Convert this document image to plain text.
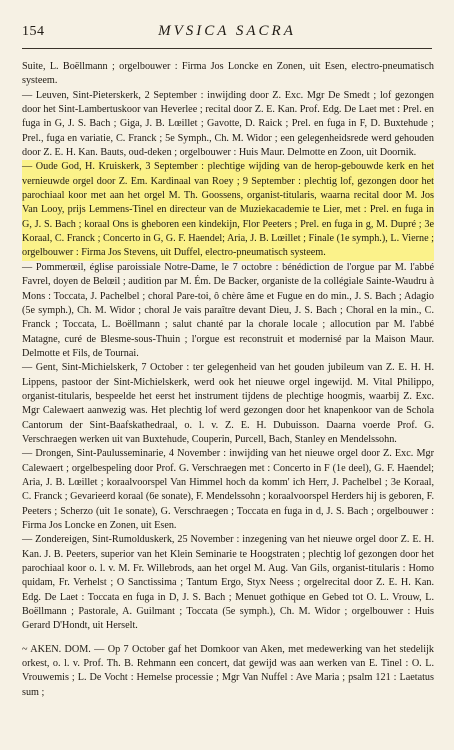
154	MVSICA SACRA

Suite, L. Boëllmann ; orgelbouwer : Firma Jos Loncke en Zonen, uit Esen, electro-pneumatisch systeem.

— Leuven, Sint-Pieterskerk, 2 September : inwijding door Z. Exc. Mgr De Smedt ; lof gezongen door het Sint-Lambertuskoor van Heverlee ; recital door Z. E. Kan. Prof. Edg. De Laet met : Prel. en fuga in G, J. S. Bach ; Giga, J. B. Lœillet ; Gavotte, D. Raick ; Prel. en fuga in F, D. Buxtehude ; Prel., fuga en variatie, C. Franck ; 5e Symph., Ch. M. Widor ; een gelegenheidsrede werd gehouden door Z. E. H. Kan. Bauts, oud-deken ; orgelbouwer : Huis Maur. Delmotte en Zoon, uit Doornik.

— Oude God, H. Kruiskerk, 3 September : plechtige wijding van de herop-gebouwde kerk en het vernieuwde orgel door Z. Em. Kardinaal van Roey ; 9 September : plechtig lof, gezongen door het parochiaal koor met aan het orgel M. Th. Goossens, organist-titularis, waarna recital door M. Jos Van Looy, prijs Lemmens-Tinel en directeur van de Muziekacademie te Lier, met : Prel. en fuga in G, J. S. Bach ; koraal Ons is gheboren een kindekijn, Flor Peeters ; Prel. en fuga in g, M. Dupré ; 3e Koraal, C. Franck ; Concerto in G, G. F. Haendel; Aria, J. B. Lœillet ; Finale (1e symph.), L. Vierne ; orgelbouwer : Firma Jos Stevens, uit Duffel, electro-pneumatisch systeem.

— Pommerœil, église paroissiale Notre-Dame, le 7 octobre : bénédiction de l'orgue par M. l'abbé Favrel, doyen de Belœil ; audition par M. Ém. De Backer, organiste de la collégiale Sainte-Waudru à Mons : Toccata, J. Pachelbel ; choral Pare-toi, ô chère âme et Fugue en do min., J. S. Bach ; Adagio (5e symph.), Ch. M. Widor ; choral Je vais paraître devant Dieu, J. S. Bach ; Choral en la min., C. Franck ; Toccata, L. Boëllmann ; salut chanté par la chorale locale ; allocution par M. l'abbé Matagne, curé de Blesme-sous-Thuin ; l'orgue est reconstruit et modernisé par la Maison Maur. Delmotte et Fils, de Tournai.

— Gent, Sint-Michielskerk, 7 October : ter gelegenheid van het gouden jubileum van Z. E. H. H. Lippens, pastoor der Sint-Michielskerk, werd ook het nieuwe orgel ingewijd. M. Vital Philippo, organist-titularis, bespeelde het eerst het instrument tijdens de plechtige hoogmis, waarbij Z. Exc. Mgr Calewaert aanwezig was. Het plechtig lof werd gezongen door het knapenkoor van de Schola Cantorum der Sint-Baafskathedraal, o. l. v. Z. E. H. Dubuisson. Daarna voerde Prof. G. Verschraegen werken uit van Buxtehude, Couperin, Purcell, Bach, Stanley en Mendelssohn.

— Drongen, Sint-Paulusseminarie, 4 November : inwijding van het nieuwe orgel door Z. Exc. Mgr Calewaert ; orgelbespeling door Prof. G. Verschraegen met : Concerto in F (1e deel), G. F. Haendel; Aria, J. B. Lœillet ; koraalvoorspel Van Himmel hoch da komm' ich Herr, J. Pachelbel ; 3e Koraal, C. Franck ; Gevarieerd koraal (6e sonate), F. Mendelssohn ; koraalvoorspel Herders hij is geboren, F. Peeters ; Scherzo (uit 1e sonate), G. Verschraegen ; Toccata en fuga in d, J. S. Bach ; orgelbouwer : Firma Jos Loncke en Zonen, uit Esen.

— Zondereigen, Sint-Rumolduskerk, 25 November : inzegening van het nieuwe orgel door Z. E. H. Kan. J. B. Peeters, superior van het Klein Seminarie te Hoogstraten ; plechtig lof gezongen door het parochiaal koor o. l. v. M. Fr. Willebrods, aan het orgel M. Aug. Van Gils, organist-titularis : Homo quidam, Fr. Verhelst ; O Sanctissima ; Tantum Ergo, Styx Neess ; orgelrecital door Z. E. H. Kan. Edg. De Laet : Toccata en fuga in D, J. S. Bach ; Menuet gothique en Gebed tot O. L. Vrouw, L. Boëllmann ; Pastorale, A. Guilmant ; Toccata (5e symph.), Ch. M. Widor ; orgelbouwer : Huis Gerard D'Hondt, uit Herselt.

~ AKEN. DOM. — Op 7 October gaf het Domkoor van Aken, met medewerking van het stedelijk orkest, o. l. v. Prof. Th. B. Rehmann een concert, dat gewijd was aan werken van E. Tinel : O. L. Vrouwemis ; L. De Vocht : Hemelse processie ; Mgr Van Nuffel : Ave Maria ; psalm 121 : Laetatus sum ;
